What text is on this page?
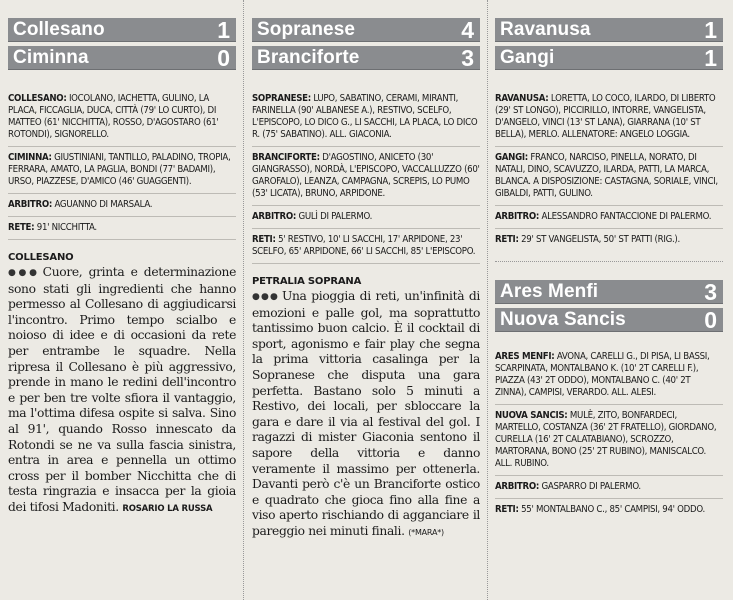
Collesano	1
Ciminna	0
COLLESANO: IOCOLANO, IACHETTA, GULINO, LA PLACA, FICCAGLIA, DUCA, CITTÀ (79' LO CURTO), DI MATTEO (61' NICCHITTA), ROSSO, D'AGOSTARO (61' ROTONDI), SIGNORELLO.
CIMINNA: GIUSTINIANI, TANTILLO, PALADINO, TROPIA, FERRARA, AMATO, LA PAGLIA, BONDI (77' BADAMI), URSO, PIAZZESE, D'AMICO (46' GUAGGENTI).
ARBITRO: AGUANNO DI MARSALA.
RETE: 91' NICCHITTA.
COLLESANO

●●● Cuore, grinta e determinazione sono stati gli ingredienti che hanno permesso al Collesano di aggiudicarsi l'incontro. Primo tempo scialbo e noioso di idee e di occasioni da rete per entrambe le squadre. Nella ripresa il Collesano è più aggressivo, prende in mano le redini dell'incontro e per ben tre volte sfiora il vantaggio, ma l'ottima difesa ospite si salva. Sino al 91', quando Rosso innescato da Rotondi se ne va sulla fascia sinistra, entra in area e pennella un ottimo cross per il bomber Nicchitta che di testa ringrazia e insacca per la gioia dei tifosi Madoniti. ROSARIO LA RUSSA

Sopranese	4
Branciforte	3
SOPRANESE: LUPO, SABATINO, CERAMI, MIRANTI, FARINELLA (90' ALBANESE A.), RESTIVO, SCELFO, L'EPISCOPO, LO DICO G., LI SACCHI, LA PLACA, LO DICO R. (75' SABATINO). ALL. GIACONIA.
BRANCIFORTE: D'AGOSTINO, ANICETO (30' GIANGRASSO), NORDÀ, L'EPISCOPO, VACCALLUZZO (60' GAROFALO), LEANZA, CAMPAGNA, SCREPIS, LO PUMO (53' LICATA), BRUNO, ARPIDONE.
ARBITRO: GULÌ DI PALERMO.
RETI: 5' RESTIVO, 10' LI SACCHI, 17' ARPIDONE, 23' SCELFO, 65' ARPIDONE, 66' LI SACCHI, 85' L'EPISCOPO.
PETRALIA SOPRANA

●●● Una pioggia di reti, un'infinità di emozioni e palle gol, ma soprattutto tantissimo buon calcio. È il cocktail di sport, agonismo e fair play che segna la prima vittoria casalinga per la Sopranese che disputa una gara perfetta. Bastano solo 5 minuti a Restivo, dei locali, per sbloccare la gara e dare il via al festival del gol. I ragazzi di mister Giaconia sentono il sapore della vittoria e danno veramente il massimo per ottenerla. Davanti però c'è un Branciforte ostico e quadrato che gioca fino alla fine a viso aperto rischiando di agganciare il pareggio nei minuti finali. (*MARA*)

Ravanusa	1
Gangi	1
RAVANUSA: LORETTA, LO COCO, ILARDO, DI LIBERTO (29' ST LONGO), PICCIRILLO, INTORRE, VANGELISTA, D'ANGELO, VINCI (13' ST LANA), GIARRANA (10' ST BELLA), MERLO. ALLENATORE: ANGELO LOGGIA.
GANGI: FRANCO, NARCISO, PINELLA, NORATO, DI NATALI, DINO, SCAVUZZO, ILARDA, PATTI, LA MARCA, BLANCA. A DISPOSIZIONE: CASTAGNA, SORIALE, VINCI, GIBALDI, PATTI, GULINO.
ARBITRO: ALESSANDRO FANTACCIONE DI PALERMO.
RETI: 29' ST VANGELISTA, 50' ST PATTI (RIG.).
Ares Menfi	3
Nuova Sancis	0
ARES MENFI: AVONA, CARELLI G., DI PISA, LI BASSI, SCARPINATA, MONTALBANO K. (10' 2T CARELLI F.), PIAZZA (43' 2T ODDO), MONTALBANO C. (40' 2T ZINNA), CAMPISI, VERARDO. ALL. ALESI.
NUOVA SANCIS: MULÈ, ZITO, BONFARDECI, MARTELLO, COSTANZA (36' 2T FRATELLO), GIORDANO, CURELLA (16' 2T CALATABIANO), SCROZZO, MARTORANA, BONO (25' 2T RUBINO), MANISCALCO. ALL. RUBINO.
ARBITRO: GASPARRO DI PALERMO.
RETI: 55' MONTALBANO C., 85' CAMPISI, 94' ODDO.
